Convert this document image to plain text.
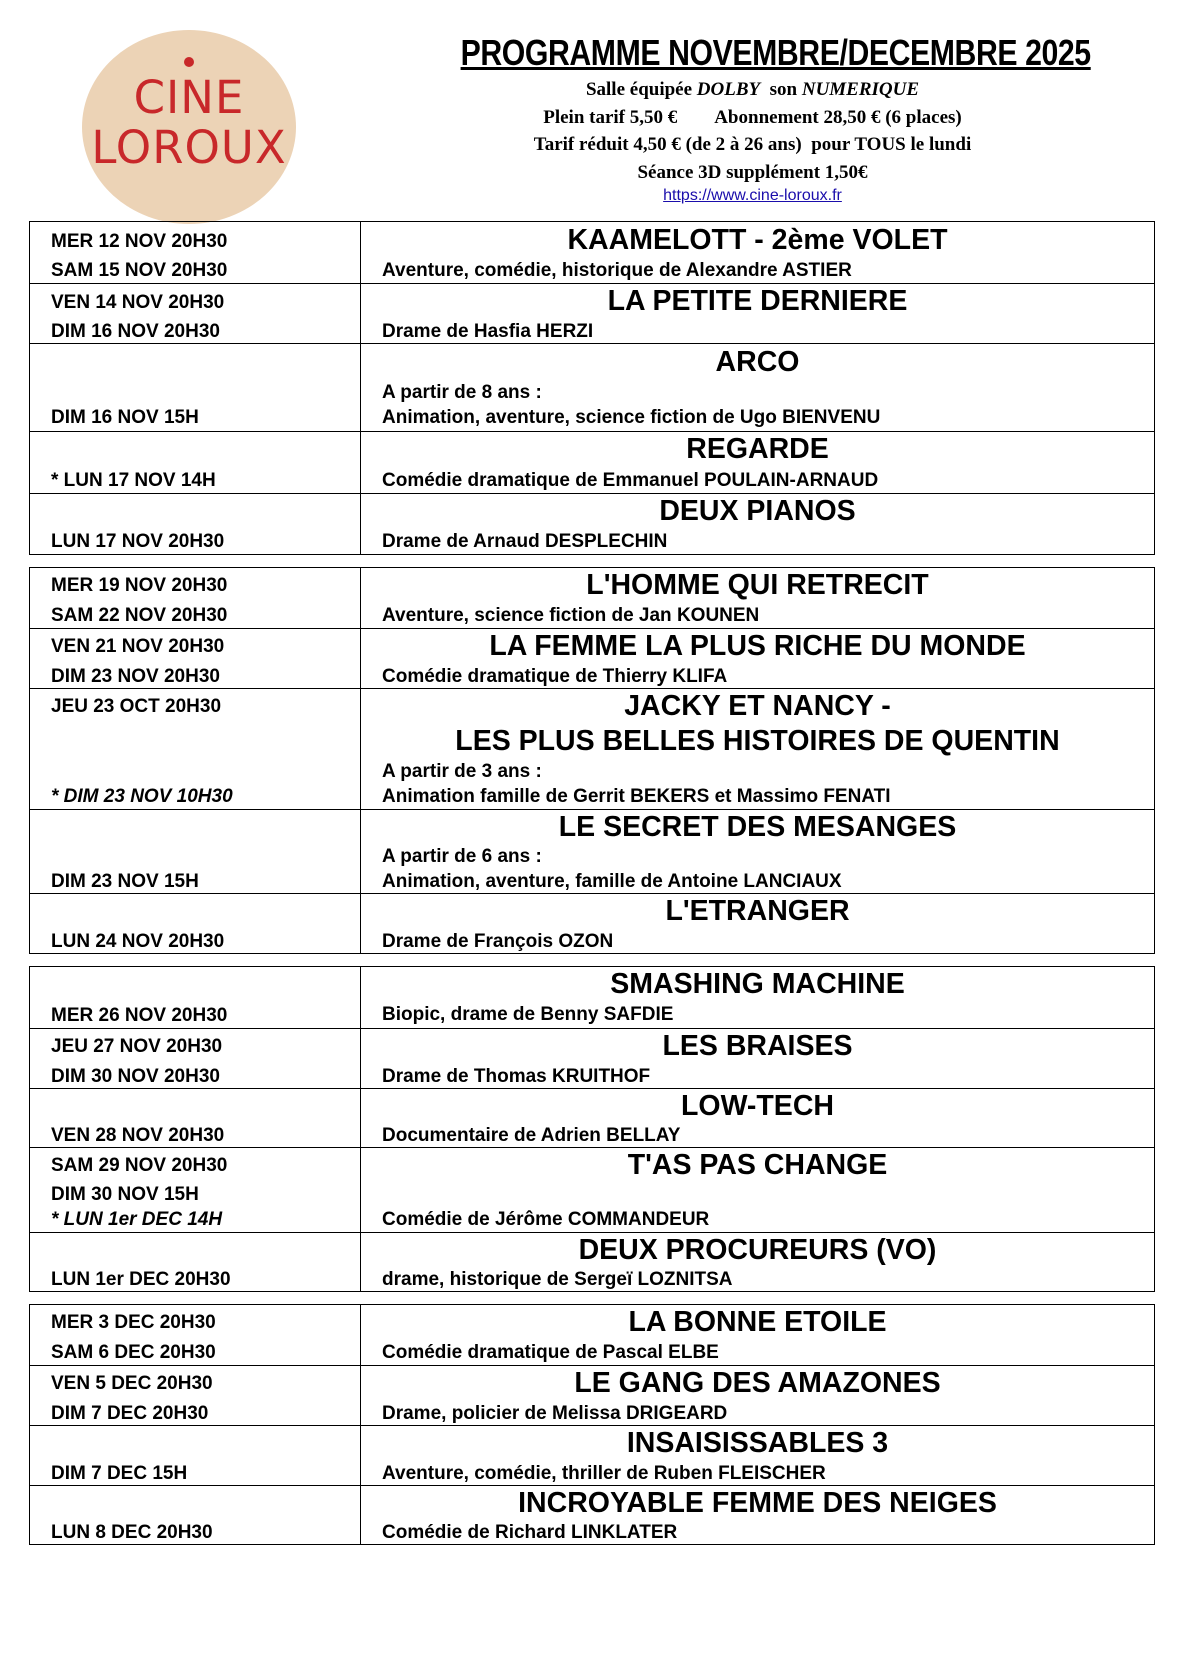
CINE
LOROUX
PROGRAMME NOVEMBRE/DECEMBRE 2025
Salle équipée DOLBY  son NUMERIQUE
Plein tarif 5,50 €        Abonnement 28,50 € (6 places)
Tarif réduit 4,50 € (de 2 à 26 ans)  pour TOUS le lundi
Séance 3D supplément 1,50€
https://www.cine-loroux.fr
MER 12 NOV 20H30
SAM 15 NOV 20H30
KAAMELOTT - 2ème VOLET
Aventure, comédie, historique de Alexandre ASTIER
VEN 14 NOV 20H30
DIM 16 NOV 20H30
LA PETITE DERNIERE
Drame de Hasfia HERZI
DIM 16 NOV 15H
ARCO
A partir de 8 ans :
Animation, aventure, science fiction de Ugo BIENVENU
* LUN 17 NOV 14H
REGARDE
Comédie dramatique de Emmanuel POULAIN-ARNAUD
LUN 17 NOV 20H30
DEUX PIANOS
Drame de Arnaud DESPLECHIN
MER 19 NOV 20H30
SAM 22 NOV 20H30
L'HOMME QUI RETRECIT
Aventure, science fiction de Jan KOUNEN
VEN 21 NOV 20H30
DIM 23 NOV 20H30
LA FEMME LA PLUS RICHE DU MONDE
Comédie dramatique de Thierry KLIFA
JEU 23 OCT 20H30
* DIM 23 NOV 10H30
JACKY ET NANCY -
LES PLUS BELLES HISTOIRES DE QUENTIN
A partir de 3 ans :
Animation famille de Gerrit BEKERS et Massimo FENATI
DIM 23 NOV 15H
LE SECRET DES MESANGES
A partir de 6 ans :
Animation, aventure, famille de Antoine LANCIAUX
LUN 24 NOV 20H30
L'ETRANGER
Drame de François OZON
MER 26 NOV 20H30
SMASHING MACHINE
Biopic, drame de Benny SAFDIE
JEU 27 NOV 20H30
DIM 30 NOV 20H30
LES BRAISES
Drame de Thomas KRUITHOF
VEN 28 NOV 20H30
LOW-TECH
Documentaire de Adrien BELLAY
SAM 29 NOV 20H30
DIM 30 NOV 15H
* LUN 1er DEC 14H
T'AS PAS CHANGE
Comédie de Jérôme COMMANDEUR
LUN 1er DEC 20H30
DEUX PROCUREURS (VO)
drame, historique de Sergeï LOZNITSA
MER 3 DEC 20H30
SAM 6 DEC 20H30
LA BONNE ETOILE
Comédie dramatique de Pascal ELBE
VEN 5 DEC 20H30
DIM 7 DEC 20H30
LE GANG DES AMAZONES
Drame, policier de Melissa DRIGEARD
DIM 7 DEC 15H
INSAISISSABLES 3
Aventure, comédie, thriller de Ruben FLEISCHER
LUN 8 DEC 20H30
INCROYABLE FEMME DES NEIGES
Comédie de Richard LINKLATER
